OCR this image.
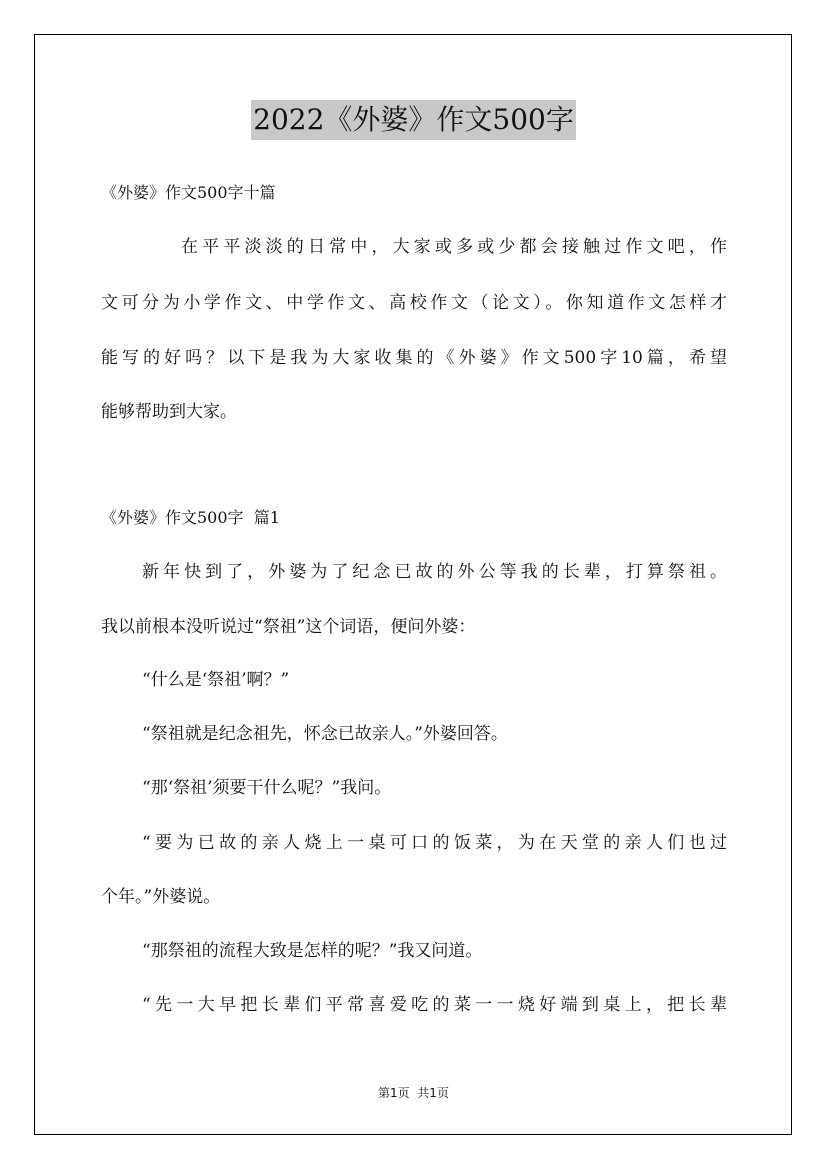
2022《外婆》作文500字
《外婆》作文500字十篇
在平平淡淡的日常中，大家或多或少都会接触过作文吧，作
文可分为小学作文、中学作文、高校作文（论文）。你知道作文怎样才
能写的好吗？以下是我为大家收集的《外婆》作文500字10篇，希望
能够帮助到大家。
《外婆》作文500字  篇1
新年快到了，外婆为了纪念已故的外公等我的长辈，打算祭祖。
我以前根本没听说过“祭祖”这个词语，便问外婆：
“什么是‘祭祖’啊？”
“祭祖就是纪念祖先，怀念已故亲人。”外婆回答。
“那‘祭祖’须要干什么呢？”我问。
“要为已故的亲人烧上一桌可口的饭菜，为在天堂的亲人们也过
个年。”外婆说。
“那祭祖的流程大致是怎样的呢？”我又问道。
“先一大早把长辈们平常喜爱吃的菜一一烧好端到桌上，把长辈
第1页  共1页
